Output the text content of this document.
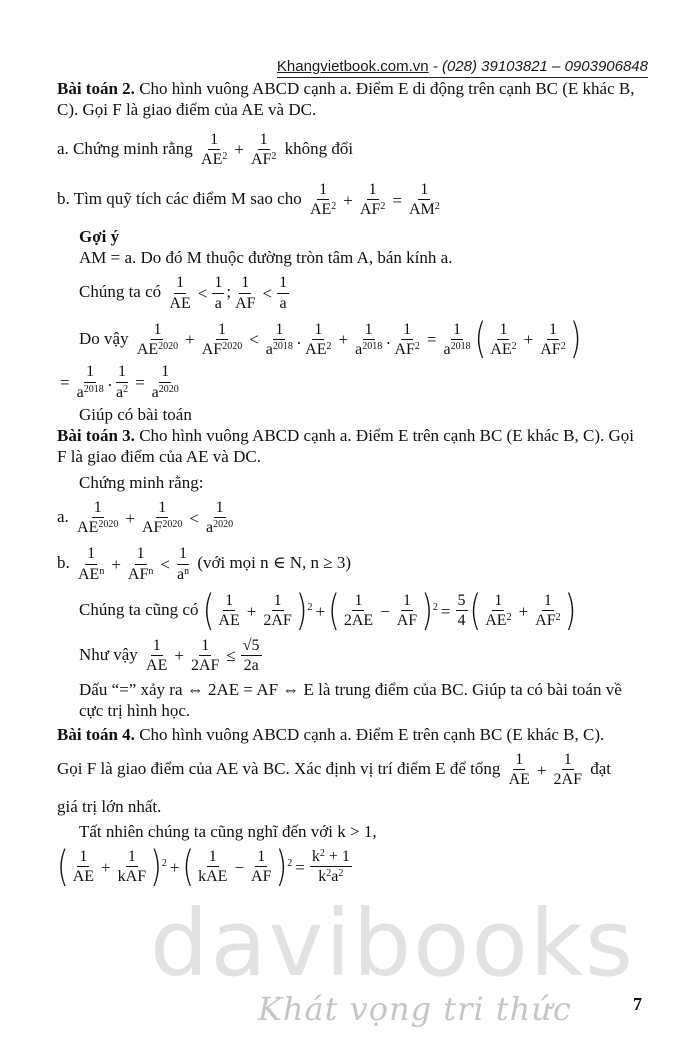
Khangvietbook.com.vn - (028) 39103821 – 0903906848

Bài toán 2. Cho hình vuông ABCD cạnh a. Điểm E di động trên cạnh BC (E khác B, C). Gọi F là giao điểm của AE và DC.

a. Chứng minh rằng $\frac{1}{AE^2} + \frac{1}{AF^2}$ không đổi

b. Tìm quỹ tích các điểm M sao cho $\frac{1}{AE^2} + \frac{1}{AF^2} = \frac{1}{AM^2}$

Gợi ý

AM = a. Do đó M thuộc đường tròn tâm A, bán kính a.

Chúng ta có $\frac{1}{AE} < \frac{1}{a}$ ; $\frac{1}{AF} < \frac{1}{a}$

Do vậy $\frac{1}{AE^{2020}} + \frac{1}{AF^{2020}} < \frac{1}{a^{2018}}$ . $\frac{1}{AE^2} + \frac{1}{a^{2018}}$ . $\frac{1}{AF^2} = \frac{1}{a^{2018}}$ ( $\frac{1}{AE^2} + \frac{1}{AF^2}$ )

= $\frac{1}{a^{2018}}$ . $\frac{1}{a^2} = \frac{1}{a^{2020}}$

Giúp có bài toán

Bài toán 3. Cho hình vuông ABCD cạnh a. Điểm E trên cạnh BC (E khác B, C). Gọi F là giao điểm của AE và DC.

Chứng minh rằng:

a. $\frac{1}{AE^{2020}} + \frac{1}{AF^{2020}} < \frac{1}{a^{2020}}$

b. 1
$AE^n$ +
1
$AF^n < \frac{1}{a^n}$ (với mọi n ∈ N, n ≥ 3)

Chúng ta cũng có ( $\frac{1}{AE} + \frac{1}{2AF} )^2$ + ( $\frac{1}{2AE} - \frac{1}{AF} )^2 = \frac{5}{4}$ ( $\frac{1}{AE^2} + \frac{1}{AF^2}$ )

Như vậy $\frac{1}{AE} + \frac{1}{2AF} \le \frac{√5}{2a}$

Dấu “=” xảy ra ⇔ 2AE = AF ⇔ E là trung điểm của BC. Giúp ta có bài toán về cực trị hình học.

Bài toán 4. Cho hình vuông ABCD cạnh a. Điểm E trên cạnh BC (E khác B, C).

Gọi F là giao điểm của AE và BC. Xác định vị trí điểm E để tổng $\frac{1}{AE} + \frac{1}{2AF}$ đạt

giá trị lớn nhất.

Tất nhiên chúng ta cũng nghĩ đến với k > 1,

( $\frac{1}{AE}$ +
1
kAF )$^2$ + ( 1
kAE
− $\frac{1}{AF} )^2 = \frac{k^2 + 1}{k^2a^2}$

davibooks
Khát vọng tri thức	7
